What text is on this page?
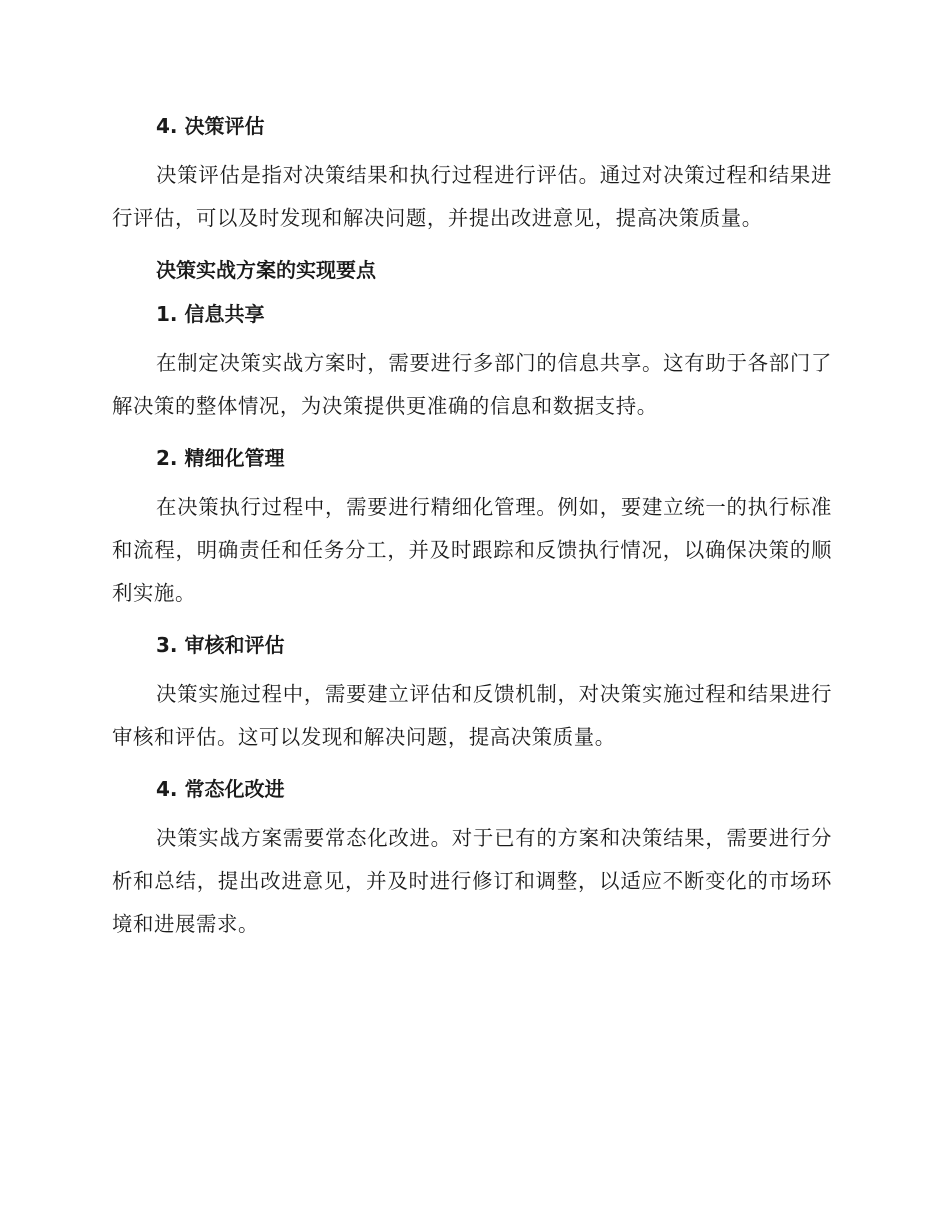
4. 决策评估

决策评估是指对决策结果和执行过程进行评估。通过对决策过程和结果进行评估，可以及时发现和解决问题，并提出改进意见，提高决策质量。

决策实战方案的实现要点
1. 信息共享

在制定决策实战方案时，需要进行多部门的信息共享。这有助于各部门了解决策的整体情况，为决策提供更准确的信息和数据支持。

2. 精细化管理

在决策执行过程中，需要进行精细化管理。例如，要建立统一的执行标准和流程，明确责任和任务分工，并及时跟踪和反馈执行情况，以确保决策的顺利实施。

3. 审核和评估

决策实施过程中，需要建立评估和反馈机制，对决策实施过程和结果进行审核和评估。这可以发现和解决问题，提高决策质量。

4. 常态化改进

决策实战方案需要常态化改进。对于已有的方案和决策结果，需要进行分析和总结，提出改进意见，并及时进行修订和调整，以适应不断变化的市场环境和进展需求。
